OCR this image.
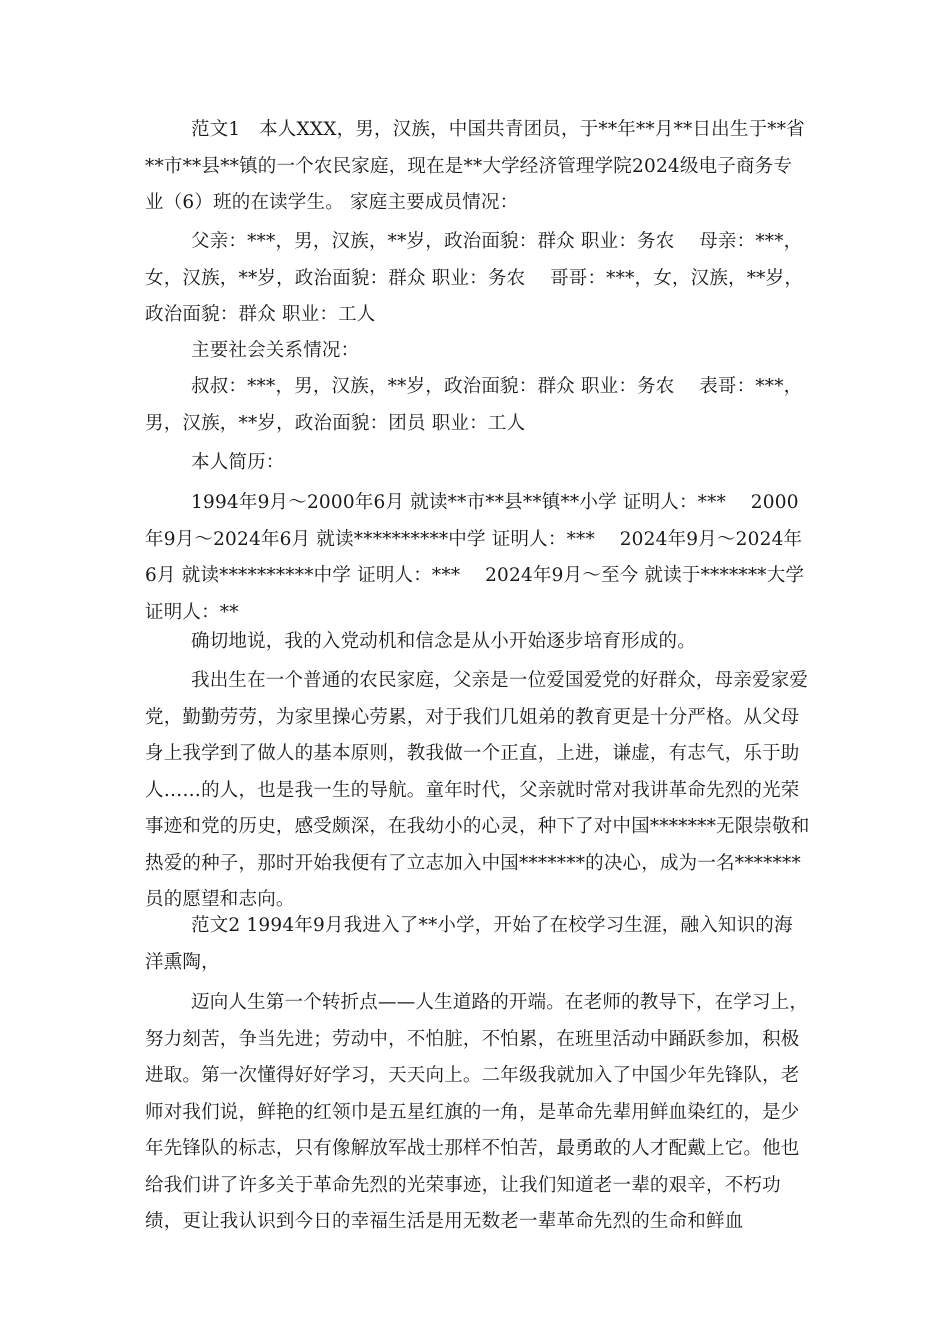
范文1　本人XXX，男，汉族，中国共青团员，于**年**月**日出生于**省**市**县**镇的一个农民家庭，现在是**大学经济管理学院2024级电子商务专业（6）班的在读学生。 家庭主要成员情况：

父亲：***，男，汉族，**岁，政治面貌：群众 职业：务农　 母亲：***，女，汉族，**岁，政治面貌：群众 职业：务农　 哥哥：***，女，汉族，**岁，政治面貌：群众 职业：工人

主要社会关系情况：

叔叔：***，男，汉族，**岁，政治面貌：群众 职业：务农　 表哥：***，男，汉族，**岁，政治面貌：团员 职业：工人

本人简历：

1994年9月～2000年6月 就读**市**县**镇**小学 证明人：***　 2000年9月～2024年6月 就读**********中学 证明人：***　 2024年9月～2024年6月 就读**********中学 证明人：***　 2024年9月～至今 就读于*******大学 证明人：**

确切地说，我的入党动机和信念是从小开始逐步培育形成的。

我出生在一个普通的农民家庭，父亲是一位爱国爱党的好群众，母亲爱家爱党，勤勤劳劳，为家里操心劳累，对于我们几姐弟的教育更是十分严格。从父母身上我学到了做人的基本原则，教我做一个正直，上进，谦虚，有志气，乐于助人……的人，也是我一生的导航。童年时代，父亲就时常对我讲革命先烈的光荣事迹和党的历史，感受颇深，在我幼小的心灵，种下了对中国*******无限崇敬和热爱的种子，那时开始我便有了立志加入中国*******的决心，成为一名*******员的愿望和志向。

范文2 1994年9月我进入了**小学，开始了在校学习生涯，融入知识的海洋熏陶，

迈向人生第一个转折点——人生道路的开端。在老师的教导下，在学习上，努力刻苦，争当先进；劳动中，不怕脏，不怕累，在班里活动中踊跃参加，积极进取。第一次懂得好好学习，天天向上。二年级我就加入了中国少年先锋队，老师对我们说，鲜艳的红领巾是五星红旗的一角，是革命先辈用鲜血染红的，是少年先锋队的标志，只有像解放军战士那样不怕苦，最勇敢的人才配戴上它。他也给我们讲了许多关于革命先烈的光荣事迹，让我们知道老一辈的艰辛，不朽功绩，更让我认识到今日的幸福生活是用无数老一辈革命先烈的生命和鲜血
